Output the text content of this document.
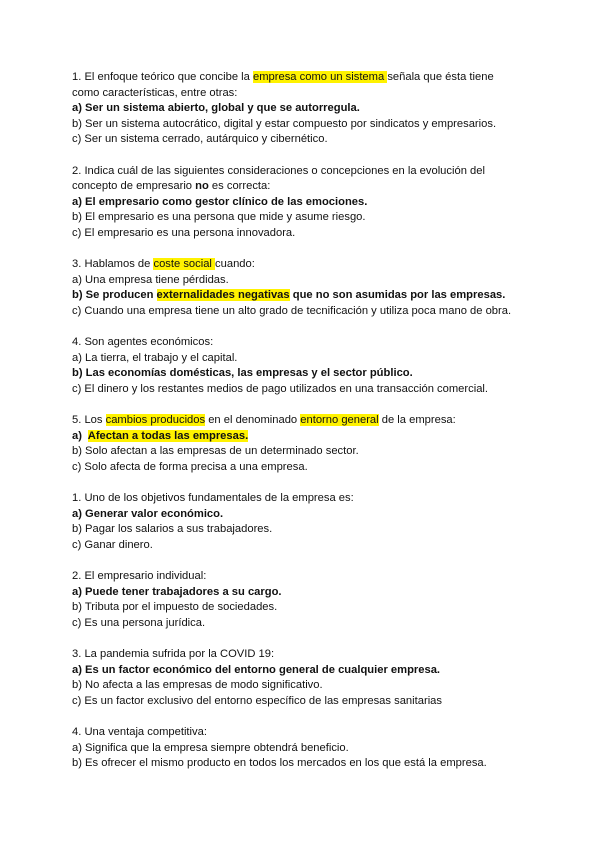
1. El enfoque teórico que concibe la empresa como un sistema señala que ésta tiene
como características, entre otras:
a) Ser un sistema abierto, global y que se autorregula.
b) Ser un sistema autocrático, digital y estar compuesto por sindicatos y empresarios.
c) Ser un sistema cerrado, autárquico y cibernético.
2. Indica cuál de las siguientes consideraciones o concepciones en la evolución del
concepto de empresario no es correcta:
a) El empresario como gestor clínico de las emociones.
b) El empresario es una persona que mide y asume riesgo.
c) El empresario es una persona innovadora.
3. Hablamos de coste social cuando:
a) Una empresa tiene pérdidas.
b) Se producen externalidades negativas que no son asumidas por las empresas.
c) Cuando una empresa tiene un alto grado de tecnificación y utiliza poca mano de obra.
4. Son agentes económicos:
a) La tierra, el trabajo y el capital.
b) Las economías domésticas, las empresas y el sector público.
c) El dinero y los restantes medios de pago utilizados en una transacción comercial.
5. Los cambios producidos en el denominado entorno general de la empresa:
a)  Afectan a todas las empresas.
b) Solo afectan a las empresas de un determinado sector.
c) Solo afecta de forma precisa a una empresa.
1. Uno de los objetivos fundamentales de la empresa es:
a) Generar valor económico.
b) Pagar los salarios a sus trabajadores.
c) Ganar dinero.
2. El empresario individual:
a) Puede tener trabajadores a su cargo.
b) Tributa por el impuesto de sociedades.
c) Es una persona jurídica.
3. La pandemia sufrida por la COVID 19:
a) Es un factor económico del entorno general de cualquier empresa.
b) No afecta a las empresas de modo significativo.
c) Es un factor exclusivo del entorno específico de las empresas sanitarias
4. Una ventaja competitiva:
a) Significa que la empresa siempre obtendrá beneficio.
b) Es ofrecer el mismo producto en todos los mercados en los que está la empresa.
